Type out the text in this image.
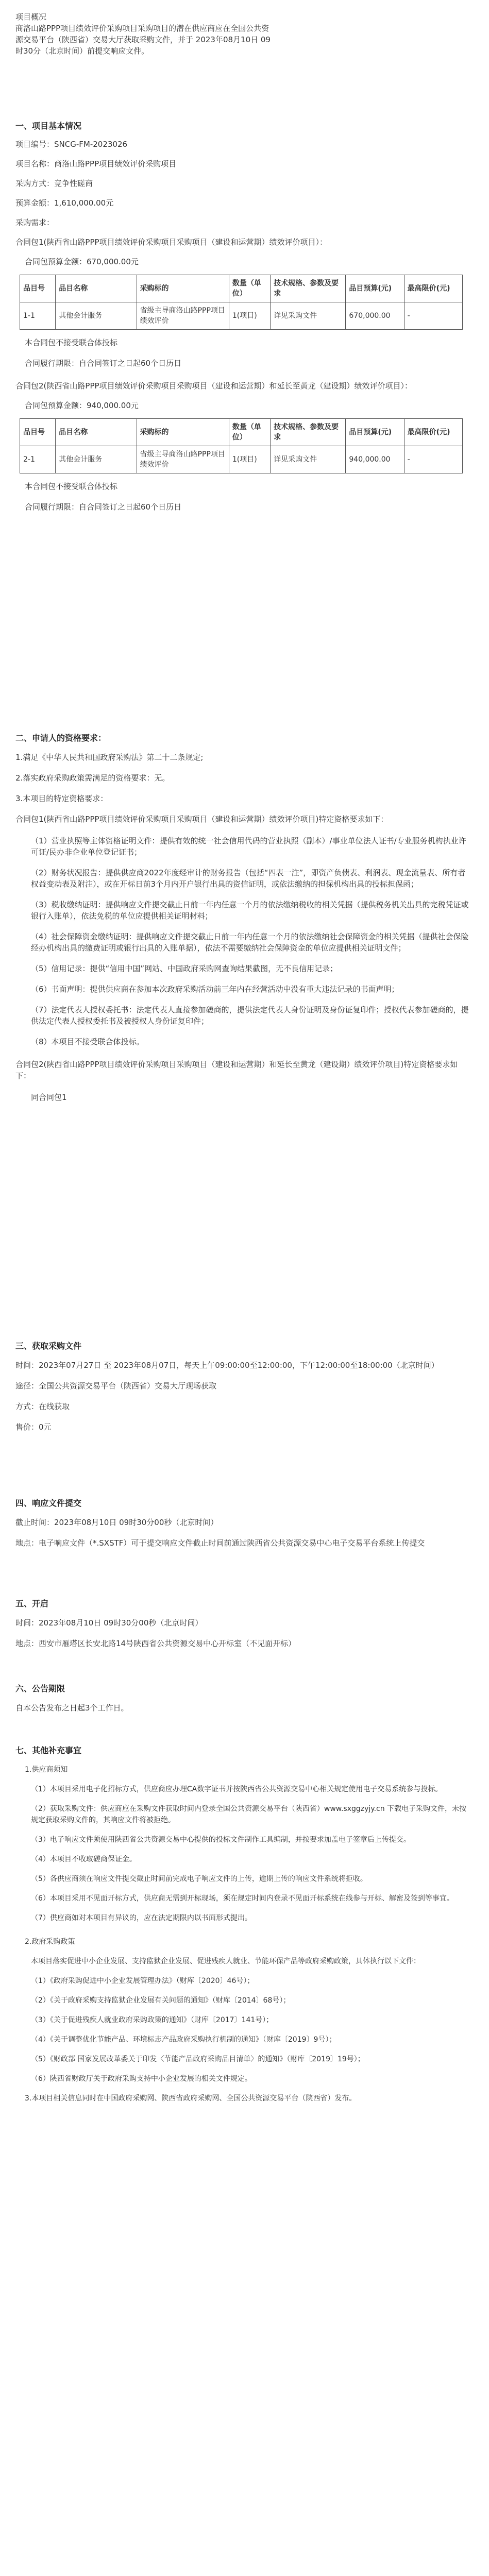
项目概况

商洛山路PPP项目绩效评价采购项目采购项目的潜在供应商应在全国公共资源交易平台（陕西省）交易大厅获取采购文件，并于 2023年08月10日 09时30分（北京时间）前提交响应文件。

一、项目基本情况

项目编号：SNCG-FM-2023026

项目名称：商洛山路PPP项目绩效评价采购项目

采购方式：竞争性磋商

预算金额：1,610,000.00元

采购需求：

合同包1(陕西省山路PPP项目绩效评价采购项目采购项目（建设和运营期）绩效评价项目）：

合同包预算金额：670,000.00元

品目号	品目名称	采购标的	数量（单位）	技术规格、参数及要求	品目预算(元)	最高限价(元)
1-1	其他会计服务	省级主导商洛山路PPP项目绩效评价	1(项目)	详见采购文件	670,000.00	-

本合同包不接受联合体投标

合同履行期限：自合同签订之日起60个日历日

合同包2(陕西省山路PPP项目绩效评价采购项目采购项目（建设和运营期）和延长至黄龙（建设期）绩效评价项目）：

合同包预算金额：940,000.00元

品目号	品目名称	采购标的	数量（单位）	技术规格、参数及要求	品目预算(元)	最高限价(元)
2-1	其他会计服务	省级主导商洛山路PPP项目绩效评价	1(项目)	详见采购文件	940,000.00	-

本合同包不接受联合体投标

合同履行期限：自合同签订之日起60个日历日

二、申请人的资格要求：

1.满足《中华人民共和国政府采购法》第二十二条规定;

2.落实政府采购政策需满足的资格要求：无。

3.本项目的特定资格要求：

合同包1(陕西省山路PPP项目绩效评价采购项目采购项目（建设和运营期）绩效评价项目)特定资格要求如下：

（1）营业执照等主体资格证明文件：提供有效的统一社会信用代码的营业执照（副本）/事业单位法人证书/专业服务机构执业许可证/民办非企业单位登记证书；

（2）财务状况报告：提供供应商2022年度经审计的财务报告（包括“四表一注”，即资产负债表、利润表、现金流量表、所有者权益变动表及附注），或在开标日前3个月内开户银行出具的资信证明，或依法缴纳的担保机构出具的投标担保函；

（3）税收缴纳证明：提供响应文件提交截止日前一年内任意一个月的依法缴纳税收的相关凭据（提供税务机关出具的完税凭证或银行入账单），依法免税的单位应提供相关证明材料；

（4）社会保障资金缴纳证明：提供响应文件提交截止日前一年内任意一个月的依法缴纳社会保障资金的相关凭据（提供社会保险经办机构出具的缴费证明或银行出具的入账单据），依法不需要缴纳社会保障资金的单位应提供相关证明文件；

（5）信用记录：提供“信用中国”网站、中国政府采购网查询结果截图，无不良信用记录；

（6）书面声明：提供供应商在参加本次政府采购活动前三年内在经营活动中没有重大违法记录的书面声明；

（7）法定代表人授权委托书：法定代表人直接参加磋商的，提供法定代表人身份证明及身份证复印件；授权代表参加磋商的，提供法定代表人授权委托书及被授权人身份证复印件；

（8）本项目不接受联合体投标。

合同包2(陕西省山路PPP项目绩效评价采购项目采购项目（建设和运营期）和延长至黄龙（建设期）绩效评价项目)特定资格要求如下：

同合同包1

三、获取采购文件

时间：2023年07月27日 至 2023年08月07日，每天上午09:00:00至12:00:00，下午12:00:00至18:00:00（北京时间）

途径：全国公共资源交易平台（陕西省）交易大厅现场获取

方式：在线获取

售价：0元

四、响应文件提交

截止时间：2023年08月10日 09时30分00秒（北京时间）

地点：电子响应文件（*.SXSTF）可于提交响应文件截止时间前通过陕西省公共资源交易中心电子交易平台系统上传提交

五、开启

时间：2023年08月10日 09时30分00秒（北京时间）

地点：西安市雁塔区长安北路14号陕西省公共资源交易中心开标室（不见面开标）

六、公告期限

自本公告发布之日起3个工作日。

七、其他补充事宜

1.供应商须知

（1）本项目采用电子化招标方式，供应商应办理CA数字证书并按陕西省公共资源交易中心相关规定使用电子交易系统参与投标。

（2）获取采购文件：供应商应在采购文件获取时间内登录全国公共资源交易平台（陕西省）www.sxggzyjy.cn 下载电子采购文件，未按规定获取采购文件的，其响应文件将被拒绝。

（3）电子响应文件须使用陕西省公共资源交易中心提供的投标文件制作工具编制，并按要求加盖电子签章后上传提交。

（4）本项目不收取磋商保证金。

（5）各供应商须在响应文件提交截止时间前完成电子响应文件的上传，逾期上传的响应文件系统将拒收。

（6）本项目采用不见面开标方式，供应商无需到开标现场，须在规定时间内登录不见面开标系统在线参与开标、解密及签到等事宜。

（7）供应商如对本项目有异议的，应在法定期限内以书面形式提出。

2.政府采购政策

本项目落实促进中小企业发展、支持监狱企业发展、促进残疾人就业、节能环保产品等政府采购政策，具体执行以下文件：

（1）《政府采购促进中小企业发展管理办法》（财库〔2020〕46号）；

（2）《关于政府采购支持监狱企业发展有关问题的通知》（财库〔2014〕68号）；

（3）《关于促进残疾人就业政府采购政策的通知》（财库〔2017〕141号）；

（4）《关于调整优化节能产品、环境标志产品政府采购执行机制的通知》（财库〔2019〕9号）；

（5）《财政部 国家发展改革委关于印发〈节能产品政府采购品目清单〉的通知》（财库〔2019〕19号）；

（6）陕西省财政厅关于政府采购支持中小企业发展的相关文件规定。

3.本项目相关信息同时在中国政府采购网、陕西省政府采购网、全国公共资源交易平台（陕西省）发布。
